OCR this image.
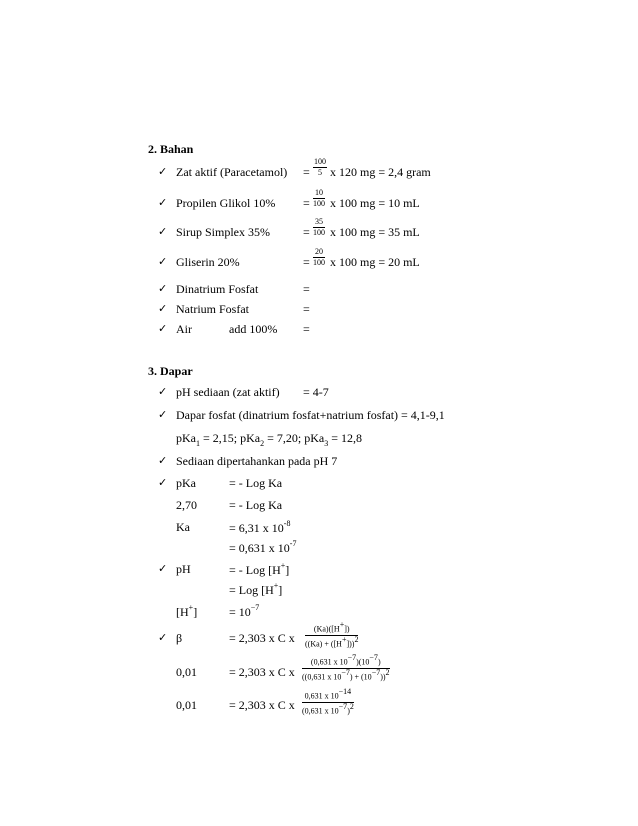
2. Bahan
✓ Zat aktif (Paracetamol) = $\frac{100}{5}$ x 120 mg = 2,4 gram
✓ Propilen Glikol $10\% = \frac{10}{100}$ x 100 mg = 10 mL
✓ Sirup Simplex 35%	= $\frac{35}{100}$ x 100 mg = 35 mL
✓ Gliserin 20%	= $\frac{20}{100}$ x 100 mg = 20 mL
✓ Dinatrium Fosfat	=
✓ Natrium Fosfat	=
✓ Air	add 100% =
3. Dapar
✓ pH sediaan (zat aktif) = 4-7
✓ Dapar fosfat (dinatrium fosfat+natrium fosfat) = 4,1-9,1
pKa$_1$ = 2,15; pKa$_2$ = 7,20; pKa$_3$ = 12,8
✓ Sediaan dipertahankan pada pH 7
✓ pKa	= - Log Ka
2,70	= - Log Ka
Ka	= 6,31 x $10^{-8}$
= 0,631 x $10^{-7}$
✓ pH	= - Log [H+]
= Log [H+]
[H+]	= $10^{-7}$
✓ β	= 2,303 x C x $\frac{(Ka)([H^+])}{((Ka) + ([H^+]))^2}$
0,01	= 2,303 x C x $\frac{(0,631 x 10^{-7})(10^{-7})}{((0,631 x 10^{-7}) + (10^{-7}))^2}$
0,01	= 2,303 x C x $\frac{0,631 x 10^{-14}}{(0,631 x 10^{-7})^2}$
